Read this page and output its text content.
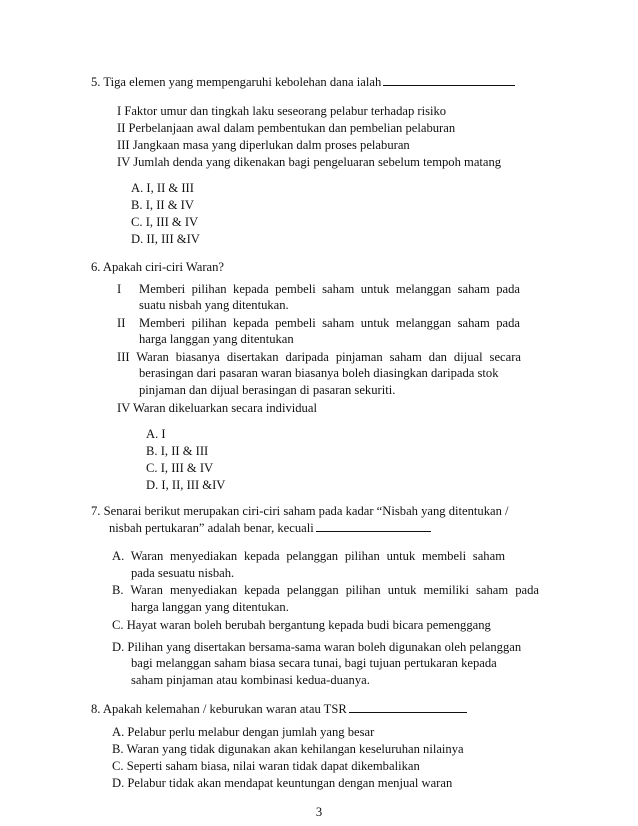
5. Tiga elemen yang mempengaruhi kebolehan dana ialah
I Faktor umur dan tingkah laku seseorang pelabur terhadap risiko
II Perbelanjaan awal dalam pembentukan dan pembelian pelaburan
III Jangkaan masa yang diperlukan dalm proses pelaburan
IV Jumlah denda yang dikenakan bagi pengeluaran sebelum tempoh matang
A. I, II & III
B. I, II & IV
C. I, III & IV
D. II, III &IV
6. Apakah ciri-ciri Waran?
I Memberi pilihan kepada pembeli saham untuk melanggan saham pada
suatu nisbah yang ditentukan.
II Memberi pilihan kepada pembeli saham untuk melanggan saham pada
harga langgan yang ditentukan
III Waran biasanya disertakan daripada pinjaman saham dan dijual secara
berasingan dari pasaran waran biasanya boleh diasingkan daripada stok
pinjaman dan dijual berasingan di pasaran sekuriti.
IV Waran dikeluarkan secara individual
A. I
B. I, II & III
C. I, III & IV
D. I, II, III &IV
7. Senarai berikut merupakan ciri-ciri saham pada kadar “Nisbah yang ditentukan /
nisbah pertukaran” adalah benar, kecuali
A. Waran menyediakan kepada pelanggan pilihan untuk membeli saham
pada sesuatu nisbah.
B. Waran menyediakan kepada pelanggan pilihan untuk memiliki saham pada
harga langgan yang ditentukan.
C. Hayat waran boleh berubah bergantung kepada budi bicara pemenggang
D. Pilihan yang disertakan bersama-sama waran boleh digunakan oleh pelanggan
bagi melanggan saham biasa secara tunai, bagi tujuan pertukaran kepada
saham pinjaman atau kombinasi kedua-duanya.
8. Apakah kelemahan / keburukan waran atau TSR
A. Pelabur perlu melabur dengan jumlah yang besar
B. Waran yang tidak digunakan akan kehilangan keseluruhan nilainya
C. Seperti saham biasa, nilai waran tidak dapat dikembalikan
D. Pelabur tidak akan mendapat keuntungan dengan menjual waran
3
